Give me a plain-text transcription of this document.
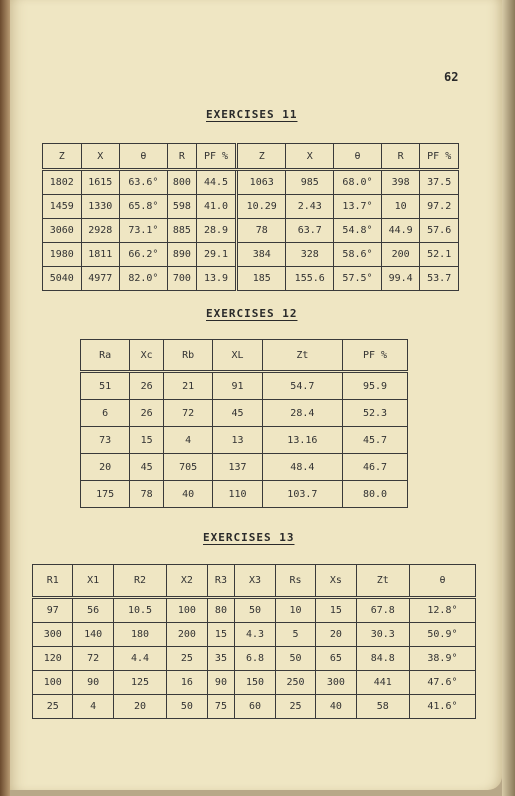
62
EXERCISES 11
Z	X	θ	R	PF %	Z	X	θ	R	PF %
1802	1615	63.6°	800	44.5	1063	985	68.0°	398	37.5
1459	1330	65.8°	598	41.0	10.29	2.43	13.7°	10	97.2
3060	2928	73.1°	885	28.9	78	63.7	54.8°	44.9	57.6
1980	1811	66.2°	890	29.1	384	328	58.6°	200	52.1
5040	4977	82.0°	700	13.9	185	155.6	57.5°	99.4	53.7
EXERCISES 12
Ra	Xc	Rb	XL	Zt	PF %
51	26	21	91	54.7	95.9
6	26	72	45	28.4	52.3
73	15	4	13	13.16	45.7
20	45	705	137	48.4	46.7
175	78	40	110	103.7	80.0
EXERCISES 13
R1	X1	R2	X2	R3	X3	Rs	Xs	Zt	θ
97	56	10.5	100	80	50	10	15	67.8	12.8°
300	140	180	200	15	4.3	5	20	30.3	50.9°
120	72	4.4	25	35	6.8	50	65	84.8	38.9°
100	90	125	16	90	150	250	300	441	47.6°
25	4	20	50	75	60	25	40	58	41.6°
